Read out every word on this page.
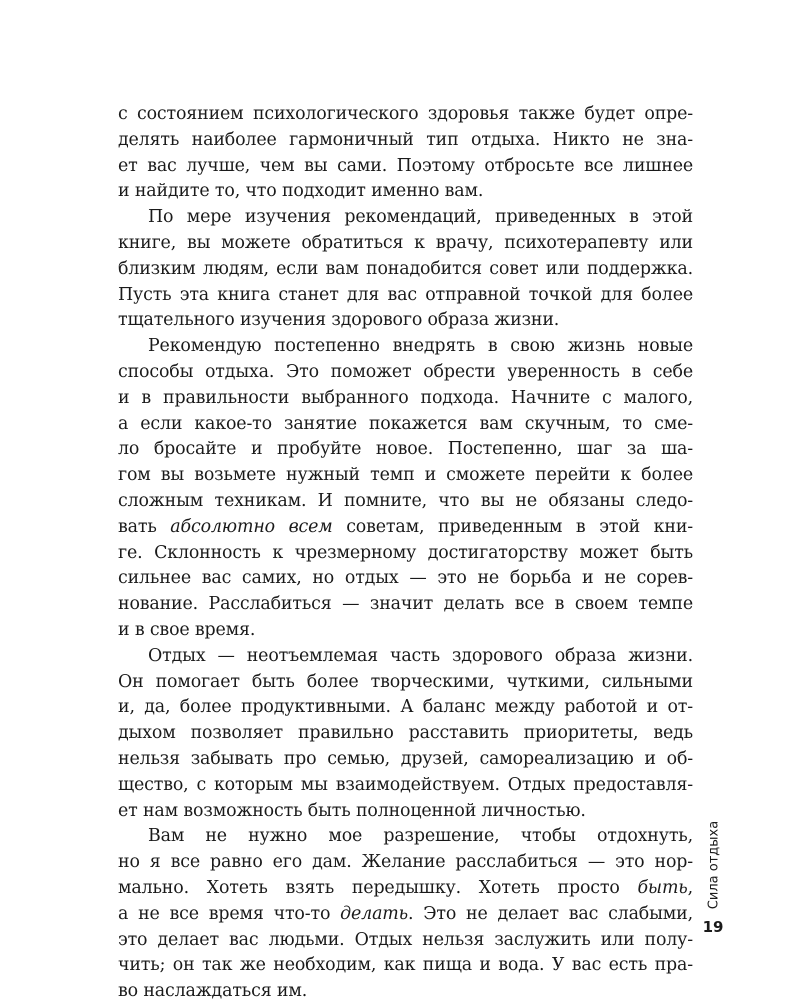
с состоянием психологического здоровья также будет опре-
делять наиболее гармоничный тип отдыха. Никто не зна-
ет вас лучше, чем вы сами. Поэтому отбросьте все лишнее
и найдите то, что подходит именно вам.
По мере изучения рекомендаций, приведенных в этой
книге, вы можете обратиться к врачу, психотерапевту или
близким людям, если вам понадобится совет или поддержка.
Пусть эта книга станет для вас отправной точкой для более
тщательного изучения здорового образа жизни.
Рекомендую постепенно внедрять в свою жизнь новые
способы отдыха. Это поможет обрести уверенность в себе
и в правильности выбранного подхода. Начните с малого,
а если какое-то занятие покажется вам скучным, то сме-
ло бросайте и пробуйте новое. Постепенно, шаг за ша-
гом вы возьмете нужный темп и сможете перейти к более
сложным техникам. И помните, что вы не обязаны следо-
вать абсолютно всем советам, приведенным в этой кни-
ге. Склонность к чрезмерному достигаторству может быть
сильнее вас самих, но отдых — это не борьба и не сорев-
нование. Расслабиться — значит делать все в своем темпе
и в свое время.
Отдых — неотъемлемая часть здорового образа жизни.
Он помогает быть более творческими, чуткими, сильными
и, да, более продуктивными. А баланс между работой и от-
дыхом позволяет правильно расставить приоритеты, ведь
нельзя забывать про семью, друзей, самореализацию и об-
щество, с которым мы взаимодействуем. Отдых предоставля-
ет нам возможность быть полноценной личностью.
Вам не нужно мое разрешение, чтобы отдохнуть,
но я все равно его дам. Желание расслабиться — это нор-
мально. Хотеть взять передышку. Хотеть просто быть,
а не все время что-то делать. Это не делает вас слабыми,
это делает вас людьми. Отдых нельзя заслужить или полу-
чить; он так же необходим, как пища и вода. У вас есть пра-
во наслаждаться им.
Сила отдыха
19
